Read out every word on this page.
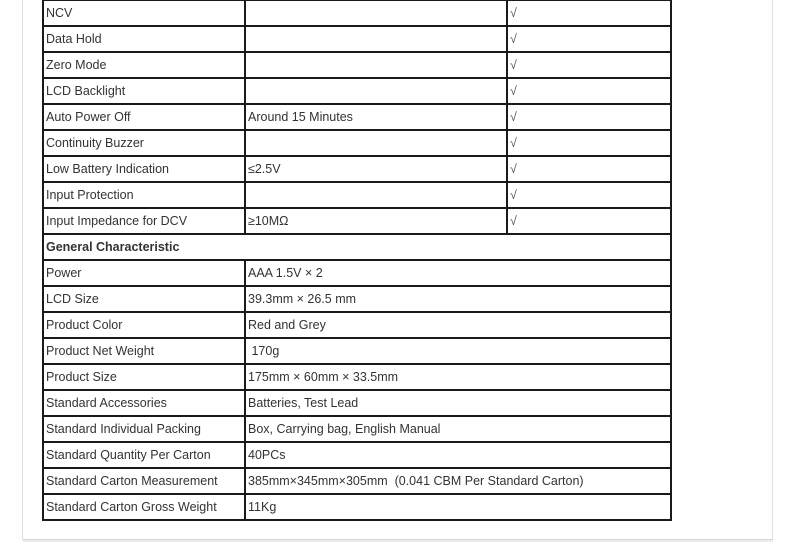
NCV		√
Data Hold		√
Zero Mode		√
LCD Backlight		√
Auto Power Off	Around 15 Minutes	√
Continuity Buzzer		√
Low Battery Indication	≤2.5V	√
Input Protection		√
Input Impedance for DCV	≥10MΩ	√
General Characteristic		
Power	AAA 1.5V × 2	
LCD Size	39.3mm × 26.5 mm	
Product Color	Red and Grey	
Product Net Weight	170g	
Product Size	175mm × 60mm × 33.5mm	
Standard Accessories	Batteries, Test Lead	
Standard Individual Packing	Box, Carrying bag, English Manual	
Standard Quantity Per Carton	40PCs	
Standard Carton Measurement	385mm×345mm×305mm  (0.041 CBM Per Standard Carton)	
Standard Carton Gross Weight	11Kg	
